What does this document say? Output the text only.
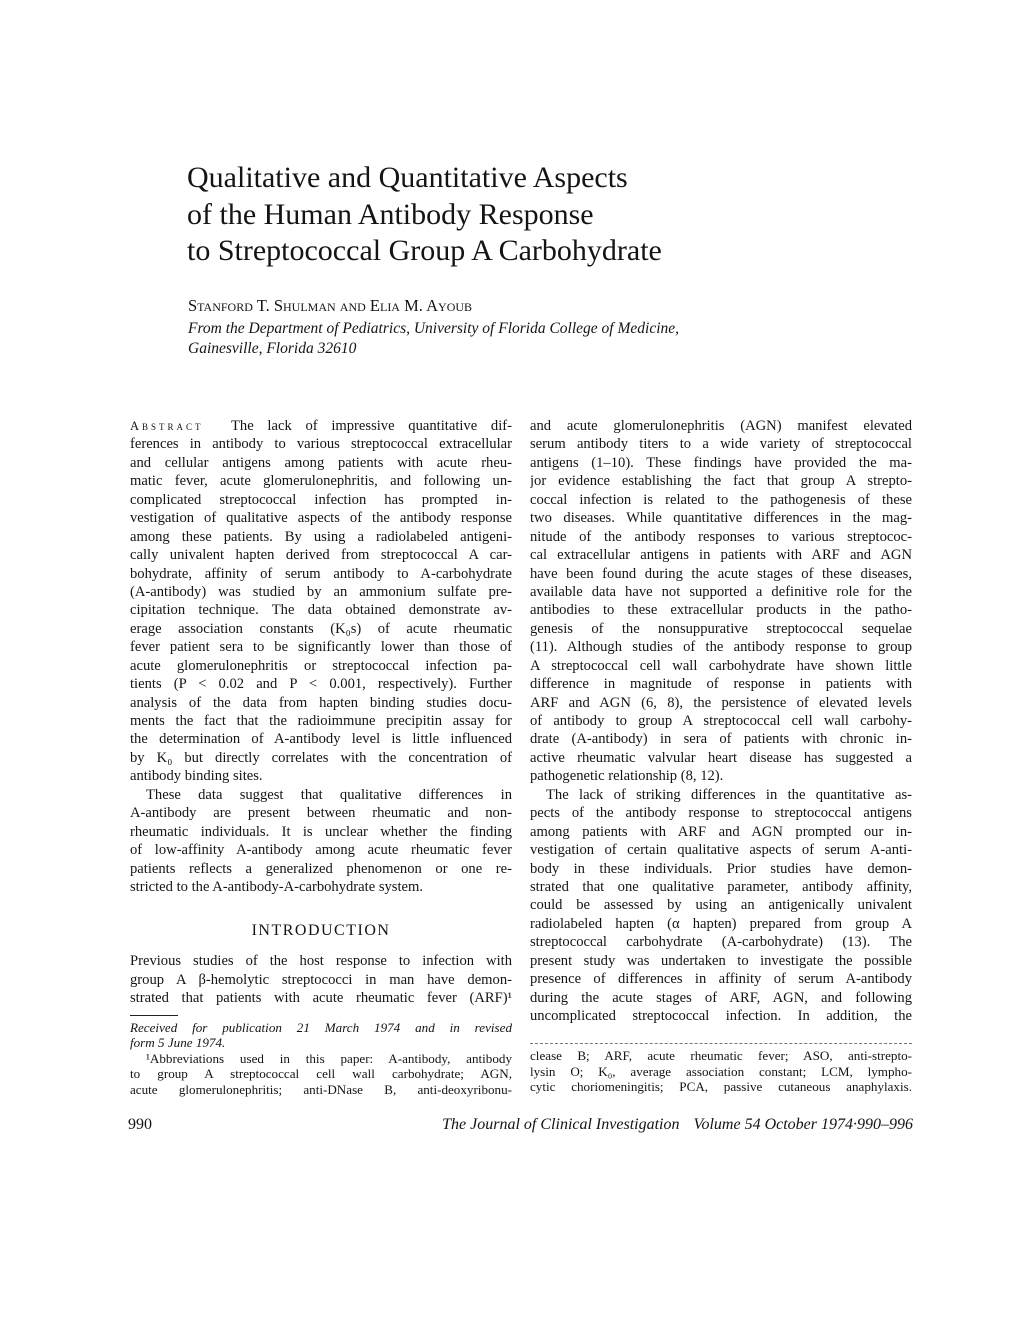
Qualitative and Quantitative Aspects
of the Human Antibody Response
to Streptococcal Group A Carbohydrate
Stanford T. Shulman and Elia M. Ayoub
From the Department of Pediatrics, University of Florida College of Medicine,
Gainesville, Florida 32610
Abstract The lack of impressive quantitative dif-
ferences in antibody to various streptococcal extracellular
and cellular antigens among patients with acute rheu-
matic fever, acute glomerulonephritis, and following un-
complicated streptococcal infection has prompted in-
vestigation of qualitative aspects of the antibody response
among these patients. By using a radiolabeled antigeni-
cally univalent hapten derived from streptococcal A car-
bohydrate, affinity of serum antibody to A-carbohydrate
(A-antibody) was studied by an ammonium sulfate pre-
cipitation technique. The data obtained demonstrate av-
erage association constants (K₀s) of acute rheumatic
fever patient sera to be significantly lower than those of
acute glomerulonephritis or streptococcal infection pa-
tients (P < 0.02 and P < 0.001, respectively). Further
analysis of the data from hapten binding studies docu-
ments the fact that the radioimmune precipitin assay for
the determination of A-antibody level is little influenced
by K₀ but directly correlates with the concentration of
antibody binding sites.
These data suggest that qualitative differences in
A-antibody are present between rheumatic and non-
rheumatic individuals. It is unclear whether the finding
of low-affinity A-antibody among acute rheumatic fever
patients reflects a generalized phenomenon or one re-
stricted to the A-antibody-A-carbohydrate system.
INTRODUCTION
Previous studies of the host response to infection with
group A β-hemolytic streptococci in man have demon-
strated that patients with acute rheumatic fever (ARF)¹
Received for publication 21 March 1974 and in revised
form 5 June 1974.
¹Abbreviations used in this paper: A-antibody, antibody
to group A streptococcal cell wall carbohydrate; AGN,
acute glomerulonephritis; anti-DNase B, anti-deoxyribonu-
and acute glomerulonephritis (AGN) manifest elevated
serum antibody titers to a wide variety of streptococcal
antigens (1–10). These findings have provided the ma-
jor evidence establishing the fact that group A strepto-
coccal infection is related to the pathogenesis of these
two diseases. While quantitative differences in the mag-
nitude of the antibody responses to various streptococ-
cal extracellular antigens in patients with ARF and AGN
have been found during the acute stages of these diseases,
available data have not supported a definitive role for the
antibodies to these extracellular products in the patho-
genesis of the nonsuppurative streptococcal sequelae
(11). Although studies of the antibody response to group
A streptococcal cell wall carbohydrate have shown little
difference in magnitude of response in patients with
ARF and AGN (6, 8), the persistence of elevated levels
of antibody to group A streptococcal cell wall carbohy-
drate (A-antibody) in sera of patients with chronic in-
active rheumatic valvular heart disease has suggested a
pathogenetic relationship (8, 12).
The lack of striking differences in the quantitative as-
pects of the antibody response to streptococcal antigens
among patients with ARF and AGN prompted our in-
vestigation of certain qualitative aspects of serum A-anti-
body in these individuals. Prior studies have demon-
strated that one qualitative parameter, antibody affinity,
could be assessed by using an antigenically univalent
radiolabeled hapten (α hapten) prepared from group A
streptococcal carbohydrate (A-carbohydrate) (13). The
present study was undertaken to investigate the possible
presence of differences in affinity of serum A-antibody
during the acute stages of ARF, AGN, and following
uncomplicated streptococcal infection. In addition, the
clease B; ARF, acute rheumatic fever; ASO, anti-strepto-
lysin O; K₀, average association constant; LCM, lympho-
cytic choriomeningitis; PCA, passive cutaneous anaphylaxis.
990	The Journal of Clinical Investigation Volume 54 October 1974·990–996
